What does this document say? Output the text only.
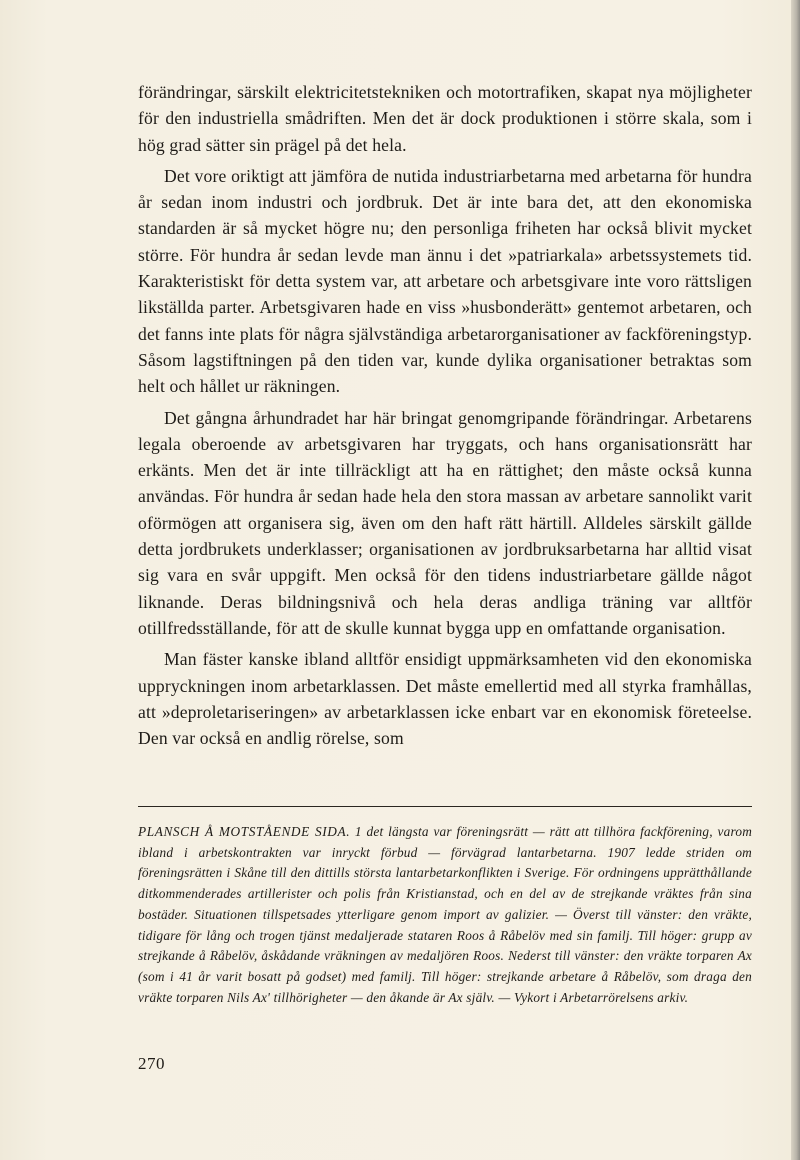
förändringar, särskilt elektricitetstekniken och motortrafiken, skapat nya möjligheter för den industriella smådriften. Men det är dock produktionen i större skala, som i hög grad sätter sin prägel på det hela.

Det vore oriktigt att jämföra de nutida industriarbetarna med arbetarna för hundra år sedan inom industri och jordbruk. Det är inte bara det, att den ekonomiska standarden är så mycket högre nu; den personliga friheten har också blivit mycket större. För hundra år sedan levde man ännu i det »patriarkala» arbetssystemets tid. Karakteristiskt för detta system var, att arbetare och arbetsgivare inte voro rättsligen likställda parter. Arbetsgivaren hade en viss »husbonderätt» gentemot arbetaren, och det fanns inte plats för några självständiga arbetarorganisationer av fackföreningstyp. Såsom lagstiftningen på den tiden var, kunde dylika organisationer betraktas som helt och hållet ur räkningen.

Det gångna århundradet har här bringat genomgripande förändringar. Arbetarens legala oberoende av arbetsgivaren har tryggats, och hans organisationsrätt har erkänts. Men det är inte tillräckligt att ha en rättighet; den måste också kunna användas. För hundra år sedan hade hela den stora massan av arbetare sannolikt varit oförmögen att organisera sig, även om den haft rätt härtill. Alldeles särskilt gällde detta jordbrukets underklasser; organisationen av jordbruksarbetarna har alltid visat sig vara en svår uppgift. Men också för den tidens industriarbetare gällde något liknande. Deras bildningsnivå och hela deras andliga träning var alltför otillfredsställande, för att de skulle kunnat bygga upp en omfattande organisation.

Man fäster kanske ibland alltför ensidigt uppmärksamheten vid den ekonomiska uppryckningen inom arbetarklassen. Det måste emellertid med all styrka framhållas, att »deproletariseringen» av arbetarklassen icke enbart var en ekonomisk företeelse. Den var också en andlig rörelse, som

PLANSCH Å MOTSTÅENDE SIDA. 1 det längsta var föreningsrätt — rätt att tillhöra fackförening, varom ibland i arbetskontrakten var inryckt förbud — förvägrad lantarbetarna. 1907 ledde striden om föreningsrätten i Skåne till den dittills största lantarbetarkonflikten i Sverige. För ordningens upprätthållande ditkommenderades artillerister och polis från Kristianstad, och en del av de strejkande vräktes från sina bostäder. Situationen tillspetsades ytterligare genom import av galizier. — Överst till vänster: den vräkte, tidigare för lång och trogen tjänst medaljerade stataren Roos å Råbelöv med sin familj. Till höger: grupp av strejkande å Råbelöv, åskådande vräkningen av medaljören Roos. Nederst till vänster: den vräkte torparen Ax (som i 41 år varit bosatt på godset) med familj. Till höger: strejkande arbetare å Råbelöv, som draga den vräkte torparen Nils Ax' tillhörigheter — den åkande är Ax själv. — Vykort i Arbetarrörelsens arkiv.
270
